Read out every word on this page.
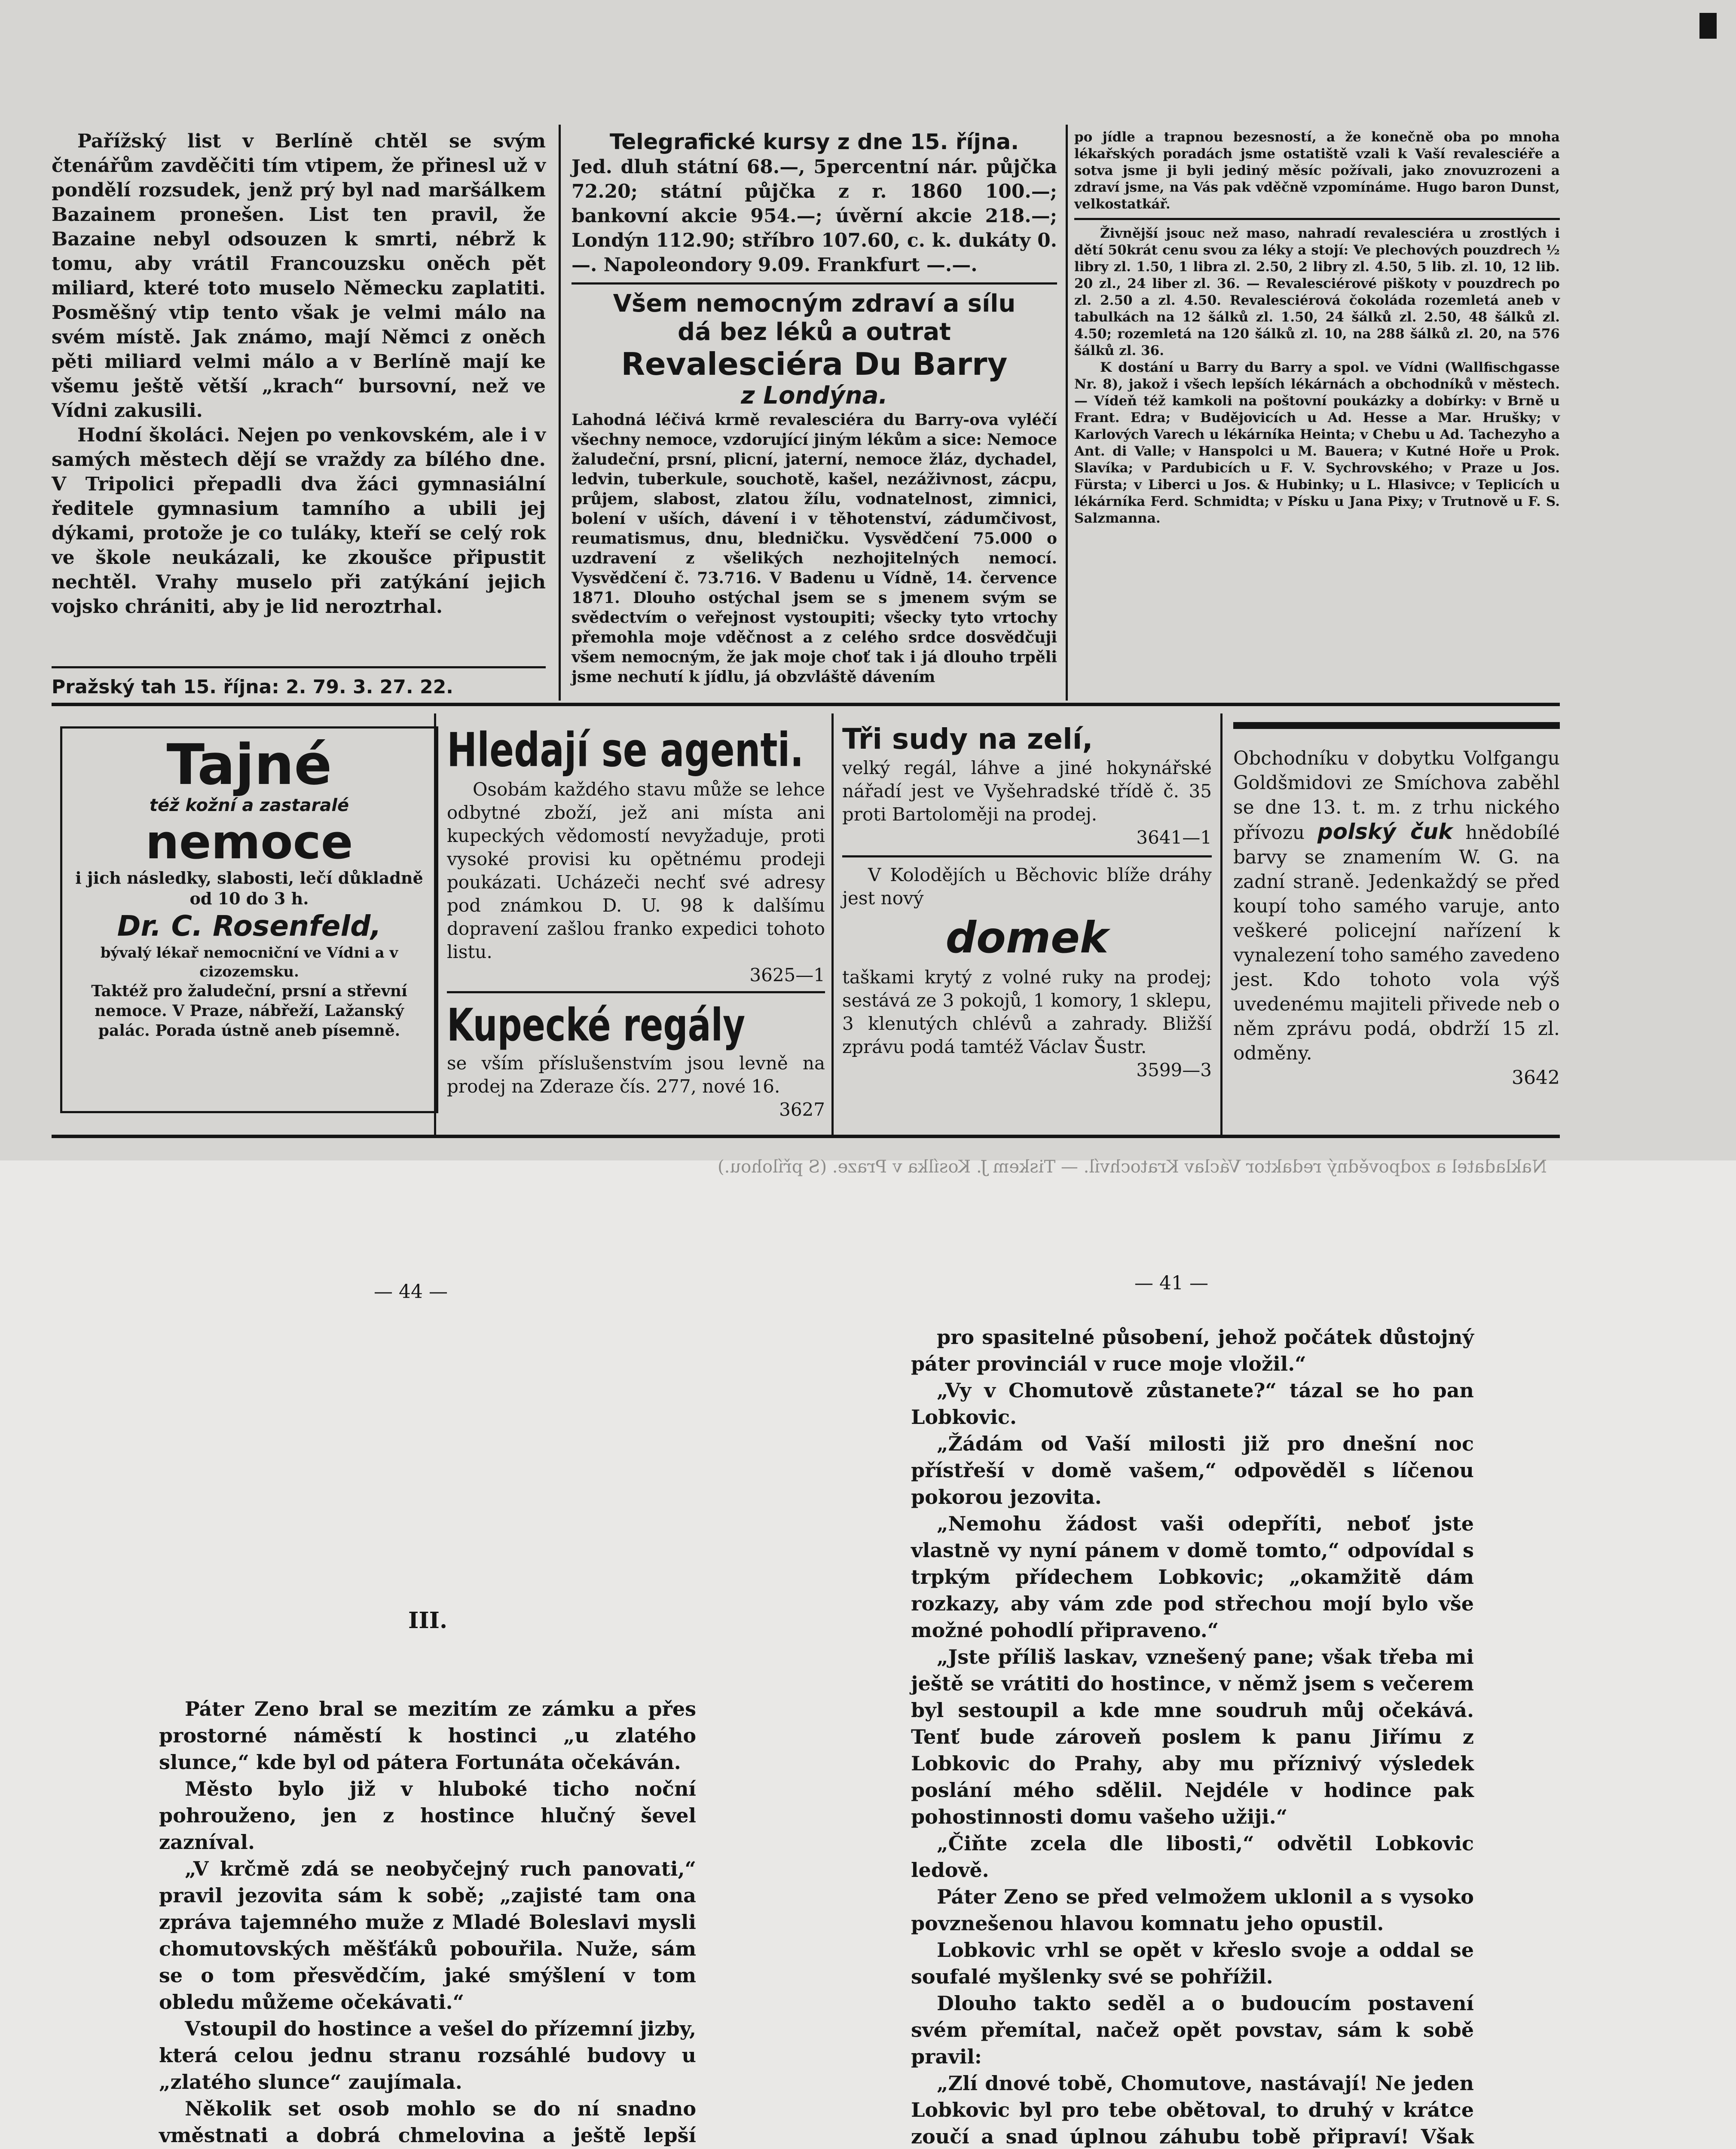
Pařížský list v Berlíně chtěl se svým čtenářům zavděčiti tím vtipem, že přinesl už v pondělí rozsudek, jenž prý byl nad maršálkem Bazainem pronešen. List ten pravil, že Bazaine nebyl odsouzen k smrti, nébrž k tomu, aby vrátil Francouzsku oněch pět miliard, které toto muselo Německu zaplatiti. Posměšný vtip tento však je velmi málo na svém místě. Jak známo, mají Němci z oněch pěti miliard velmi málo a v Berlíně mají ke všemu ještě větší „krach“ bursovní, než ve Vídni zakusili.

Hodní školáci. Nejen po venkovském, ale i v samých městech dějí se vraždy za bílého dne. V Tripolici přepadli dva žáci gymnasiální ředitele gymnasium tamního a ubili jej dýkami, protože je co tuláky, kteří se celý rok ve škole neukázali, ke zkoušce připustit nechtěl. Vrahy muselo při zatýkání jejich vojsko chrániti, aby je lid neroztrhal.

Pražský tah 15. října: 2. 79. 3. 27. 22.

Telegrafické kursy z dne 15. října.

Jed. dluh státní 68.—, 5percentní nár. půjčka 72.20; státní půjčka z r. 1860 100.—; bankovní akcie 954.—; úvěrní akcie 218.—; Londýn 112.90; stříbro 107.60, c. k. dukáty 0.—. Napoleondory 9.09. Frankfurt —.—.

Všem nemocným zdraví a sílu

dá bez léků a outrat

Revalesciéra Du Barry

z Londýna.

Lahodná léčivá krmě revalesciéra du Barry-ova vyléčí všechny nemoce, vzdorující jiným lékům a sice: Nemoce žaludeční, prsní, plicní, jaterní, nemoce žláz, dychadel, ledvin, tuberkule, souchotě, kašel, nezáživnost, zácpu, průjem, slabost, zlatou žílu, vodnatelnost, zimnici, bolení v uších, dávení i v těhotenství, zádumčivost, reumatismus, dnu, bledničku. Vysvědčení 75.000 o uzdravení z všelikých nezhojitelných nemocí. Vysvědčení č. 73.716. V Badenu u Vídně, 14. července 1871. Dlouho ostýchal jsem se s jmenem svým se svědectvím o veřejnost vystoupiti; všecky tyto vrtochy přemohla moje vděčnost a z celého srdce dosvědčuji všem nemocným, že jak moje choť tak i já dlouho trpěli jsme nechutí k jídlu, já obzvláště dávením

po jídle a trapnou bezesností, a že konečně oba po mnoha lékařských poradách jsme ostatiště vzali k Vaší revalesciéře a sotva jsme ji byli jediný měsíc požívali, jako znovuzrozeni a zdraví jsme, na Vás pak vděčně vzpomínáme. Hugo baron Dunst, velkostatkář.

Živnější jsouc než maso, nahradí revalesciéra u zrostlých i dětí 50krát cenu svou za léky a stojí: Ve plechových pouzdrech ½ libry zl. 1.50, 1 libra zl. 2.50, 2 libry zl. 4.50, 5 lib. zl. 10, 12 lib. 20 zl., 24 liber zl. 36. — Revalesciérové piškoty v pouzdrech po zl. 2.50 a zl. 4.50. Revalesciérová čokoláda rozemletá aneb v tabulkách na 12 šálků zl. 1.50, 24 šálků zl. 2.50, 48 šálků zl. 4.50; rozemletá na 120 šálků zl. 10, na 288 šálků zl. 20, na 576 šálků zl. 36.

K dostání u Barry du Barry a spol. ve Vídni (Wallfischgasse Nr. 8), jakož i všech lepších lékárnách a obchodníků v městech. — Vídeň též kamkoli na poštovní poukázky a dobírky: v Brně u Frant. Edra; v Budějovicích u Ad. Hesse a Mar. Hrušky; v Karlových Varech u lékárníka Heinta; v Chebu u Ad. Tachezyho a Ant. di Valle; v Hanspolci u M. Bauera; v Kutné Hoře u Prok. Slavíka; v Pardubicích u F. V. Sychrovského; v Praze u Jos. Fürsta; v Liberci u Jos. & Hubinky; u L. Hlasivce; v Teplicích u lékárníka Ferd. Schmidta; v Písku u Jana Pixy; v Trutnově u F. S. Salzmanna.

Tajné
též kožní a zastaralé
nemoce
i jich následky, slabosti, lečí důkladně od 10 do 3 h.
Dr. C. Rosenfeld,
bývalý lékař nemocniční ve Vídni a v cizozemsku.
Taktéž pro žaludeční, prsní a střevní nemoce. V Praze, nábřeží, Lažanský palác. Porada ústně aneb písemně.
Hledají se agenti.
Osobám každého stavu může se lehce odbytné zboží, jež ani místa ani kupeckých vědomostí nevyžaduje, proti vysoké provisi ku opětnému prodeji poukázati. Ucházeči nechť své adresy pod známkou D. U. 98 k dalšímu dopravení zašlou franko expedici tohoto listu.
3625—1
Kupecké regály
se vším příslušenstvím jsou levně na prodej na Zderaze čís. 277, nové 16.
3627
Tři sudy na zelí,
velký regál, láhve a jiné hokynářské nářadí jest ve Vyšehradské třídě č. 35 proti Bartoloměji na prodej.
3641—1
V Kolodějích u Běchovic blíže dráhy jest nový
domek
taškami krytý z volné ruky na prodej; sestává ze 3 pokojů, 1 komory, 1 sklepu, 3 klenutých chlévů a zahrady. Bližší zprávu podá tamtéž Václav Šustr.
3599—3
Obchodníku v dobytku Volfgangu Goldšmidovi ze Smíchova zaběhl se dne 13. t. m. z trhu nického přívozu polský čuk hnědobílé barvy se znamením W. G. na zadní straně. Jedenkaždý se před koupí toho samého varuje, anto veškeré policejní nařízení k vynalezení toho samého zavedeno jest. Kdo tohoto vola výš uvedenému majiteli přivede neb o něm zprávu podá, obdrží 15 zl. odměny.
3642
Nakladatel a zodpovědný redaktor Václav Kratochvíl. — Tiskem J. Kosílka v Praze. (S přílohou.)
— 44 —	— 41 —
III.

Páter Zeno bral se mezitím ze zámku a přes prostorné náměstí k hostinci „u zlatého slunce,“ kde byl od pátera Fortunáta očekáván.

Město bylo již v hluboké ticho noční pohrouženo, jen z hostince hlučný ševel zazníval.

„V krčmě zdá se neobyčejný ruch panovati,“ pravil jezovita sám k sobě; „zajisté tam ona zpráva tajemného muže z Mladé Boleslavi mysli chomutovských měšťáků pobouřila. Nuže, sám se o tom přesvědčím, jaké smýšlení v tom obledu můžeme očekávati.“

Vstoupil do hostince a vešel do přízemní jizby, která celou jednu stranu rozsáhlé budovy u „zlatého slunce“ zaujímala.

Několik set osob mohlo se do ní snadno vměstnati a dobrá chmelovina a ještě lepší

pro spasitelné působení, jehož počátek důstojný páter provinciál v ruce moje vložil.“

„Vy v Chomutově zůstanete?“ tázal se ho pan Lobkovic.

„Žádám od Vaší milosti již pro dnešní noc přístřeší v domě vašem,“ odpověděl s líčenou pokorou jezovita.

„Nemohu žádost vaši odepříti, neboť jste vlastně vy nyní pánem v domě tomto,“ odpovídal s trpkým přídechem Lobkovic; „okamžitě dám rozkazy, aby vám zde pod střechou mojí bylo vše možné pohodlí připraveno.“

„Jste příliš laskav, vznešený pane; však třeba mi ještě se vrátiti do hostince, v němž jsem s večerem byl sestoupil a kde mne soudruh můj očekává. Tenť bude zároveň poslem k panu Jiřímu z Lobkovic do Prahy, aby mu příznivý výsledek poslání mého sdělil. Nejdéle v hodince pak pohostinnosti domu vašeho užiji.“

„Čiňte zcela dle libosti,“ odvětil Lobkovic ledově.

Páter Zeno se před velmožem uklonil a s vysoko povznešenou hlavou komnatu jeho opustil.

Lobkovic vrhl se opět v křeslo svoje a oddal se soufalé myšlenky své se pohřížil.

Dlouho takto seděl a o budoucím postavení svém přemítal, načež opět povstav, sám k sobě pravil:

„Zlí dnové tobě, Chomutove, nastávají! Ne jeden Lobkovic byl pro tebe obětoval, to druhý v krátce zoučí a snad úplnou záhubu tobě připraví! Však
